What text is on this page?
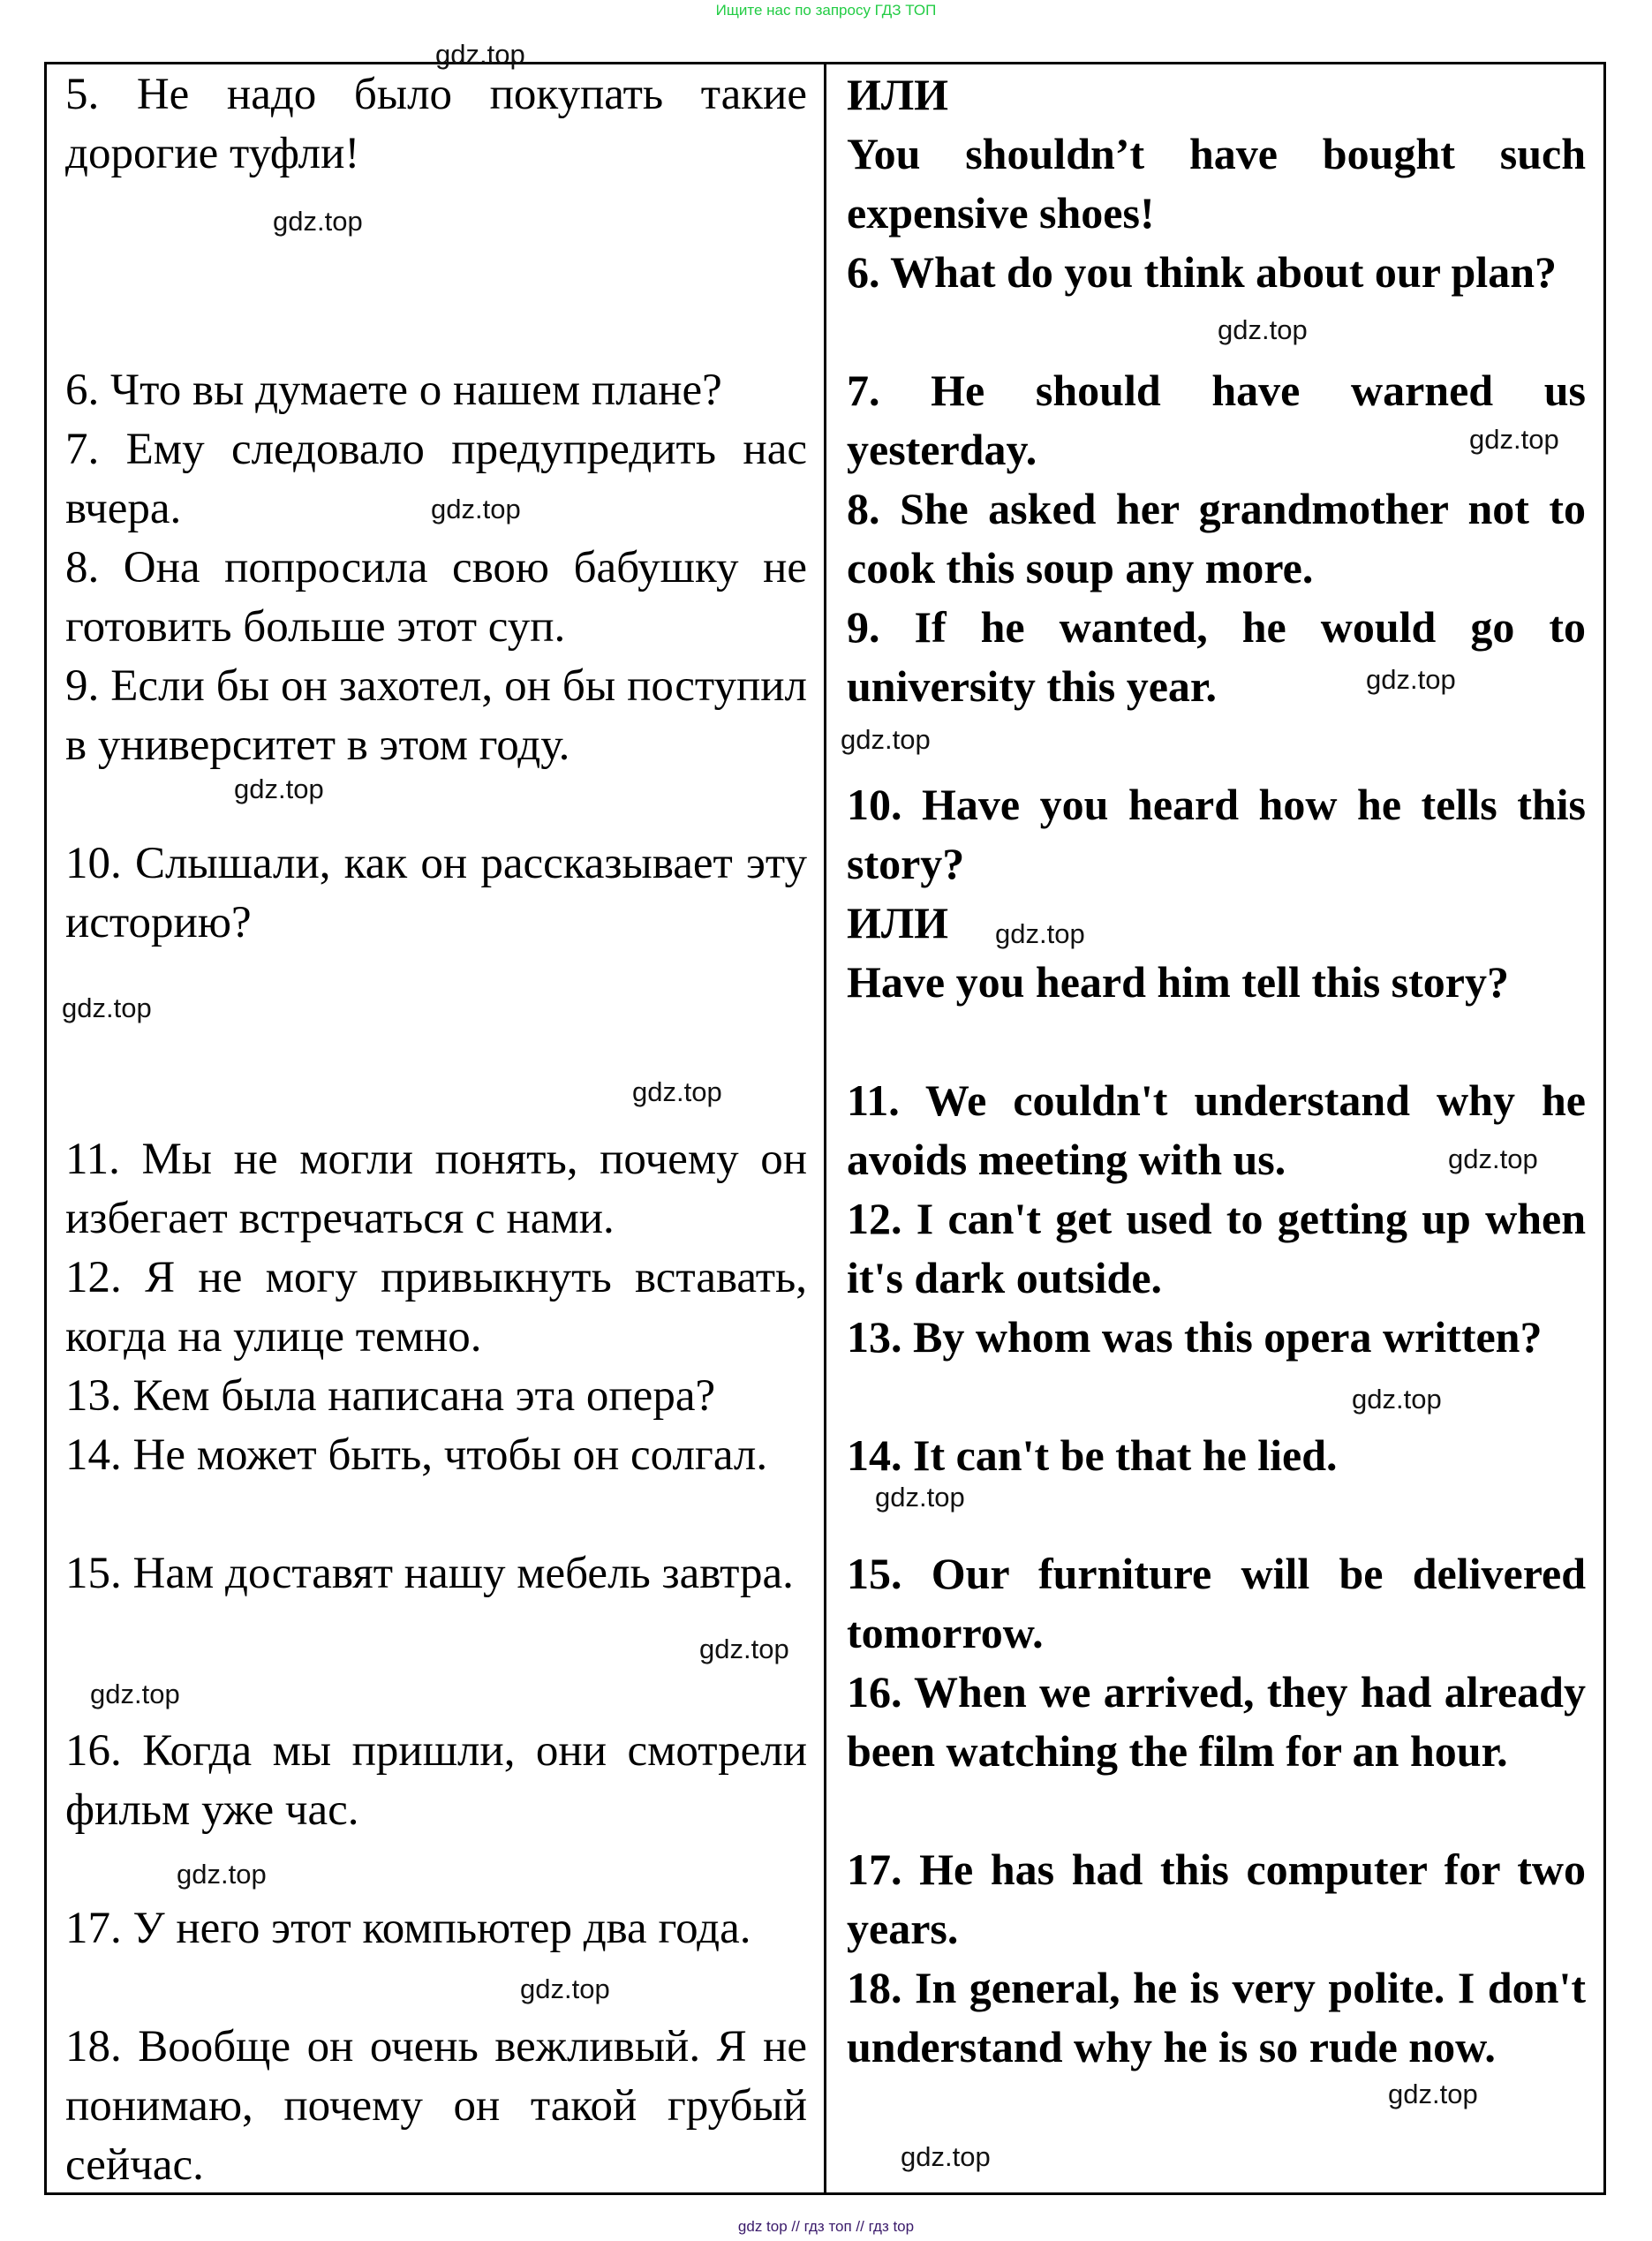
Ищите нас по запросу ГДЗ ТОП
5. Не надо было покупать такие дорогие туфли!
6. Что вы думаете о нашем плане?
7. Ему следовало предупредить нас вчера.
8. Она попросила свою бабушку не готовить больше этот суп.
9. Если бы он захотел, он бы поступил в университет в этом году.
10. Слышали, как он рассказывает эту историю?
11. Мы не могли понять, почему он избегает встречаться с нами.
12. Я не могу привыкнуть вставать, когда на улице темно.
13. Кем была написана эта опера?
14. Не может быть, чтобы он солгал.
15. Нам доставят нашу мебель завтра.
16. Когда мы пришли, они смотрели фильм уже час.
17. У него этот компьютер два года.
18. Вообще он очень вежливый. Я не понимаю, почему он такой грубый сейчас.
ИЛИ
You shouldn’t have bought such expensive shoes!
6. What do you think about our plan?
7. He should have warned us yesterday.
8. She asked her grandmother not to cook this soup any more.
9. If he wanted, he would go to university this year.
10. Have you heard how he tells this story?
ИЛИ
Have you heard him tell this story?
11. We couldn't understand why he avoids meeting with us.
12. I can't get used to getting up when it's dark outside.
13. By whom was this opera written?
14. It can't be that he lied.
15. Our furniture will be delivered tomorrow.
16. When we arrived, they had already been watching the film for an hour.
17. He has had this computer for two years.
18. In general, he is very polite. I don't understand why he is so rude now.
gdz.top
gdz.top
gdz.top
gdz.top
gdz.top
gdz.top
gdz.top
gdz.top
gdz.top
gdz.top
gdz.top
gdz.top
gdz.top
gdz.top
gdz.top
gdz.top
gdz.top
gdz.top
gdz.top
gdz.top
gdz top // гдз топ // гдз top
